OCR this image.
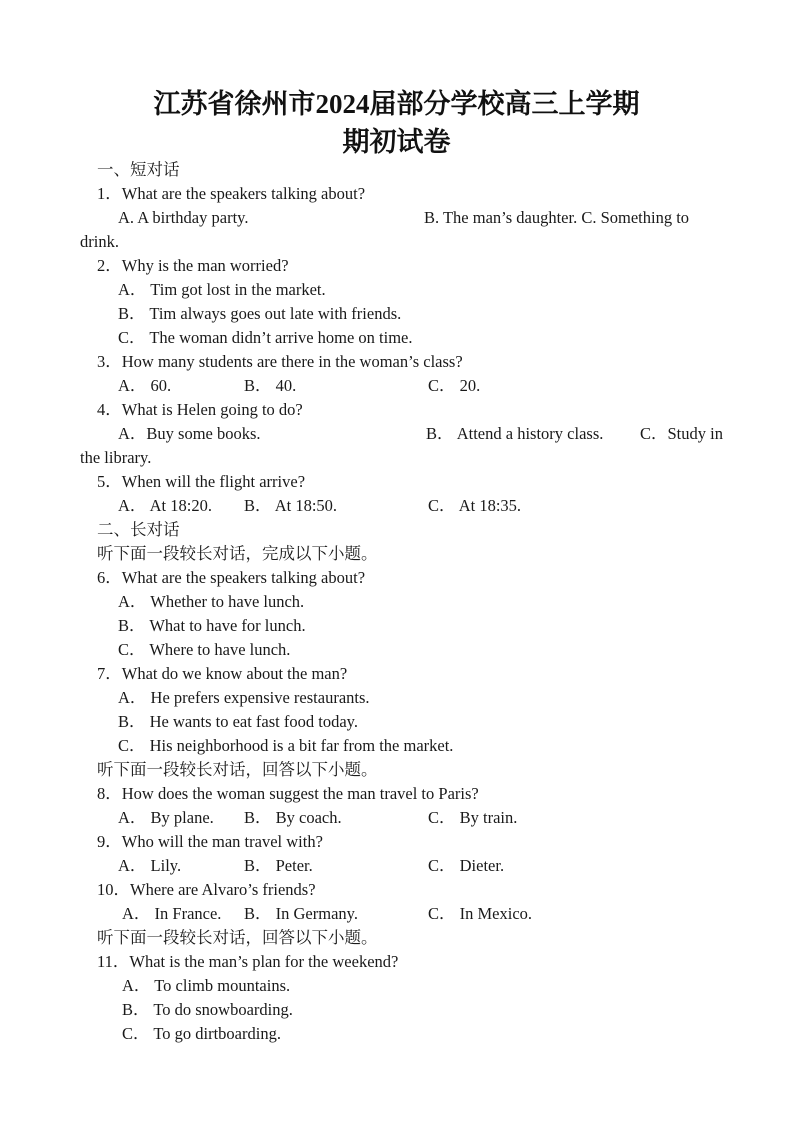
江苏省徐州市2024届部分学校高三上学期
期初试卷
一、短对话
1．What are the speakers talking about?
A. A birthday party.	B. The man’s daughter. C. Something to
drink.
2．Why is the man worried?
A． Tim got lost in the market.
B． Tim always goes out late with friends.
C． The woman didn’t arrive home on time.
3．How many students are there in the woman’s class?
A． 60.	B． 40.	C． 20.
4．What is Helen going to do?
A．Buy some books.	B． Attend a history class. C．Study in
the library.
5．When will the flight arrive?
A． At 18:20. B． At 18:50.	C． At 18:35.
二、长对话
听下面一段较长对话，完成以下小题。
6．What are the speakers talking about?
A． Whether to have lunch.
B． What to have for lunch.
C． Where to have lunch.
7．What do we know about the man?
A． He prefers expensive restaurants.
B． He wants to eat fast food today.
C． His neighborhood is a bit far from the market.
听下面一段较长对话，回答以下小题。
8．How does the woman suggest the man travel to Paris?
A． By plane. B． By coach.	C． By train.
9．Who will the man travel with?
A． Lily.	B． Peter.	C． Dieter.
10．Where are Alvaro’s friends?
A． In France. B． In Germany.	C． In Mexico.
听下面一段较长对话，回答以下小题。
11．What is the man’s plan for the weekend?
A． To climb mountains.
B． To do snowboarding.
C． To go dirtboarding.
